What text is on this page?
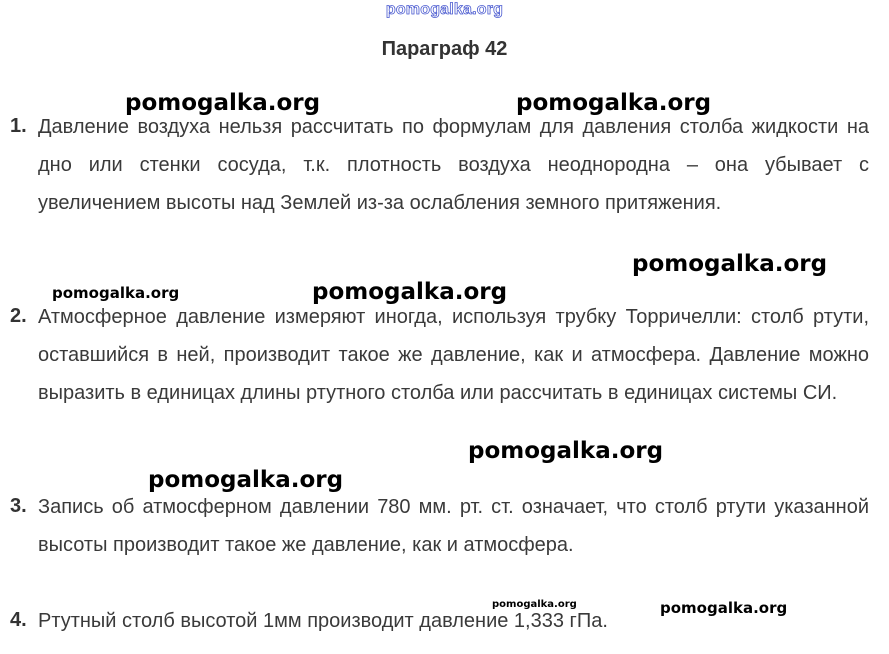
pomogalka.org
Параграф 42
1. Давление воздуха нельзя рассчитать по формулам для давления столба жидкости на дно или стенки сосуда, т.к. плотность воздуха неоднородна – она убывает с увеличением высоты над Землей из-за ослабления земного притяжения.
2. Атмосферное давление измеряют иногда, используя трубку Торричелли: столб ртути, оставшийся в ней, производит такое же давление, как и атмосфера. Давление можно выразить в единицах длины ртутного столба или рассчитать в единицах системы СИ.
3. Запись об атмосферном давлении 780 мм. рт. ст. означает, что столб ртути указанной высоты производит такое же давление, как и атмосфера.
4. Ртутный столб высотой 1мм производит давление 1,333 гПа.
pomogalka.org	pomogalka.org
pomogalka.org
pomogalka.org	pomogalka.org
pomogalka.org
pomogalka.org
pomogalka.org	pomogalka.org
